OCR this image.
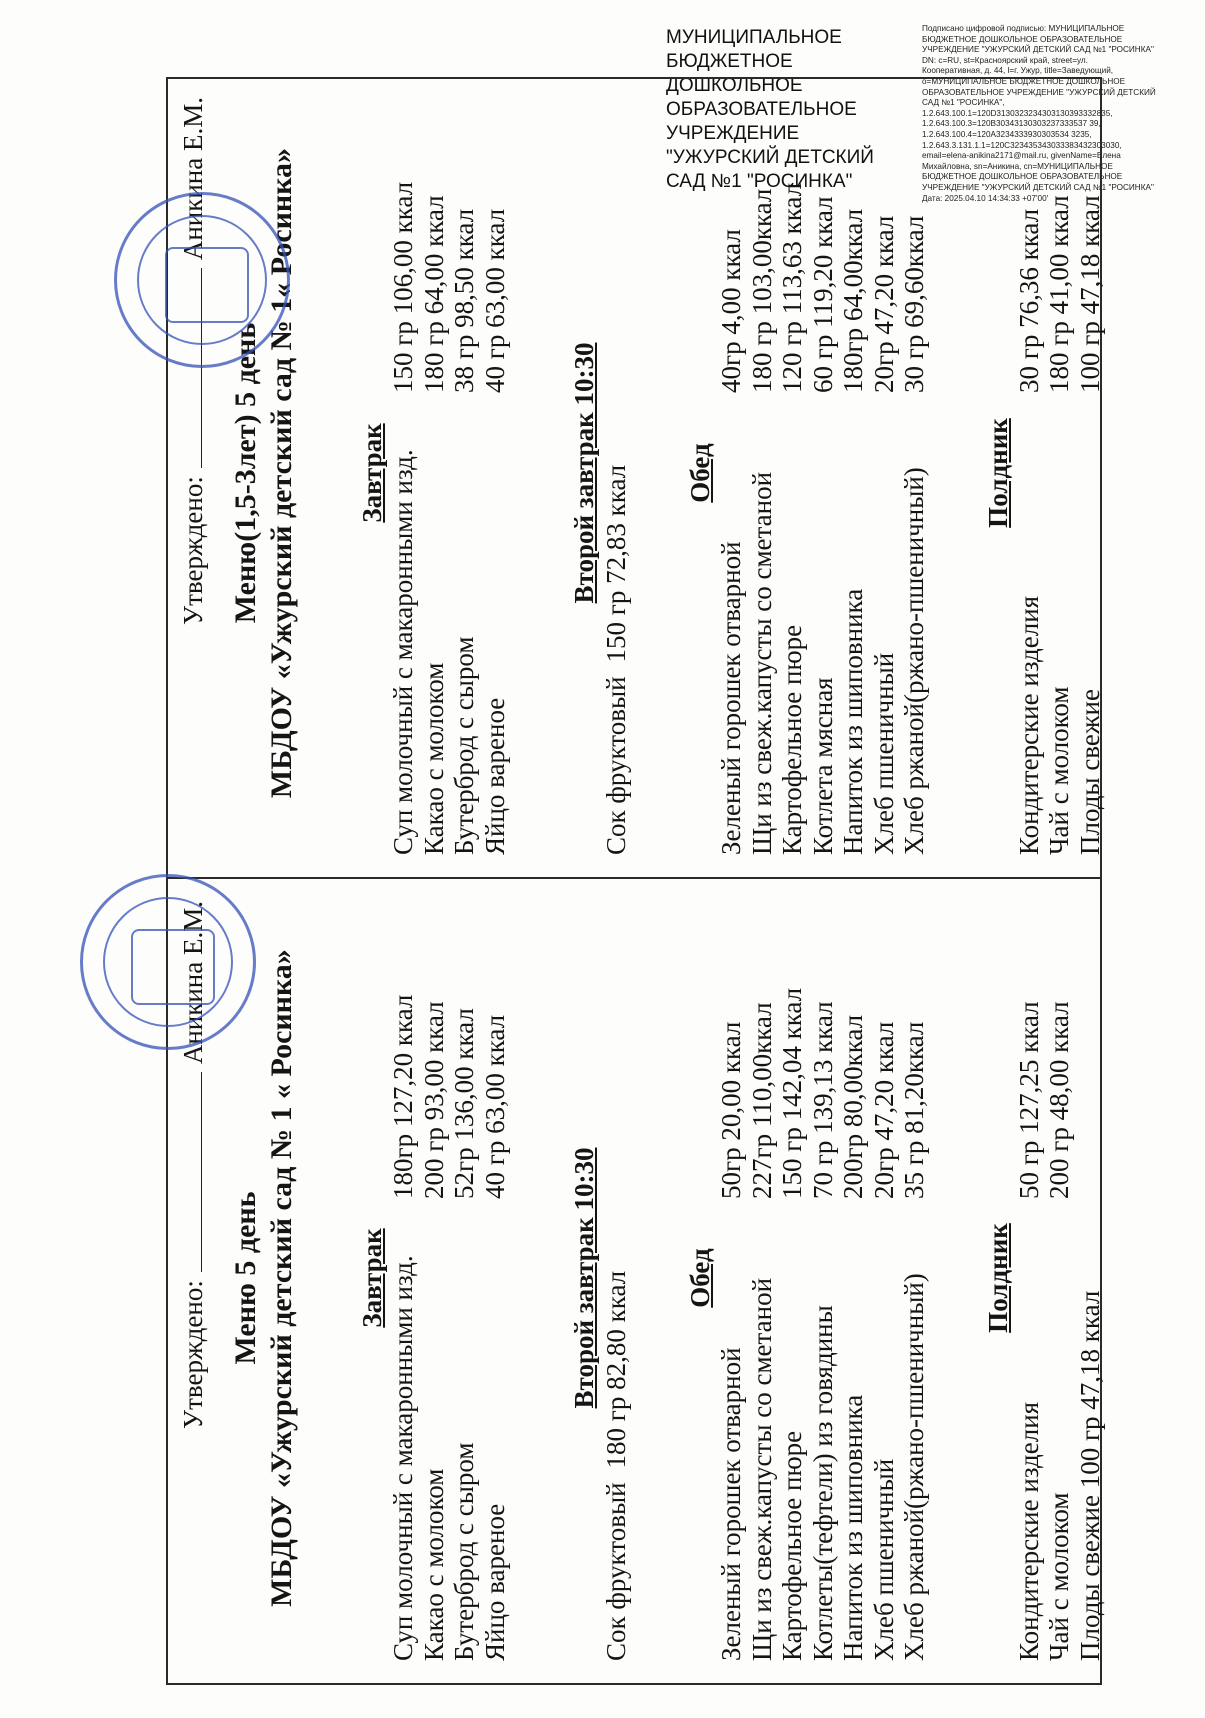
МУНИЦИПАЛЬНОЕ
БЮДЖЕТНОЕ
ДОШКОЛЬНОЕ
ОБРАЗОВАТЕЛЬНОЕ
УЧРЕЖДЕНИЕ
"УЖУРСКИЙ ДЕТСКИЙ
САД №1 "РОСИНКА"
Подписано цифровой подписью: МУНИЦИПАЛЬНОЕ
БЮДЖЕТНОЕ ДОШКОЛЬНОЕ ОБРАЗОВАТЕЛЬНОЕ
УЧРЕЖДЕНИЕ "УЖУРСКИЙ ДЕТСКИЙ САД №1 "РОСИНКА"
DN: c=RU, st=Красноярский край, street=ул.
Кооперативная, д. 44, l=г. Ужур, title=Заведующий,
o=МУНИЦИПАЛЬНОЕ БЮДЖЕТНОЕ ДОШКОЛЬНОЕ
ОБРАЗОВАТЕЛЬНОЕ УЧРЕЖДЕНИЕ "УЖУРСКИЙ ДЕТСКИЙ
САД №1 "РОСИНКА",
1.2.643.100.1=120D3130323234303130393332835,
1.2.643.100.3=120B30343130303237333537 39,
1.2.643.100.4=120A3234333930303534 3235,
1.2.643.3.131.1.1=120C323435343033383432303030,
email=elena-anikina2171@mail.ru, givenName=Елена
Михайловна, sn=Аникина, cn=МУНИЦИПАЛЬНОЕ
БЮДЖЕТНОЕ ДОШКОЛЬНОЕ ОБРАЗОВАТЕЛЬНОЕ
УЧРЕЖДЕНИЕ "УЖУРСКИЙ ДЕТСКИЙ САД №1 "РОСИНКА"
Дата: 2025.04.10 14:34:33 +07'00'
Утверждено:Аникина Е.М.
Меню 5 день МБДОУ «Ужурский детский сад № 1 « Росинка» Завтрак Суп молочный с макаронными изд.
180гр 127,20 ккал
Какао с молоком
200 гр 93,00 ккал
Бутерброд с сыром
52гр 136,00 ккал
Яйцо вареное
40 гр 63,00 ккал
Второй завтрак 10:30
Сок фруктовый180 гр 82,80 ккал Обед
Зеленый горошек отварной
50гр 20,00 ккал
Щи из свеж.капусты со сметаной
227гр 110,00ккал
Картофельное пюре
150 гр 142,04 ккал
Котлеты(тефтели) из говядины
70 гр 139,13 ккал
Напиток из шиповника
200гр 80,00ккал
Хлеб пшеничный
20гр 47,20 ккал
Хлеб ржаной(ржано-пшеничный)
35 гр 81,20ккал
Полдник
Кондитерские изделия
50 гр 127,25 ккал
Чай с молоком
200 гр 48,00 ккал
Плоды свежие 100 гр 47,18 ккал
Утверждено:Аникина Е.М.
Меню(1,5-3лет) 5 день МБДОУ «Ужурский детский сад № 1« Росинка» Завтрак Суп молочный с макаронными изд.
150 гр 106,00 ккал
Какао с молоком
180 гр 64,00 ккал
Бутерброд с сыром
38 гр 98,50 ккал
Яйцо вареное
40 гр 63,00 ккал
Второй завтрак 10:30
Сок фруктовый150 гр 72,83 ккал Обед
Зеленый горошек отварной
40гр 4,00 ккал
Щи из свеж.капусты со сметаной
180 гр 103,00ккал
Картофельное пюре
120 гр 113,63 ккал
Котлета мясная
60 гр 119,20 ккал
Напиток из шиповника
180гр 64,00ккал
Хлеб пшеничный
20гр 47,20 ккал
Хлеб ржаной(ржано-пшеничный)
30 гр 69,60ккал
Полдник
Кондитерские изделия
30 гр 76,36 ккал
Чай с молоком
180 гр 41,00 ккал
Плоды свежие
100 гр 47,18 ккал
